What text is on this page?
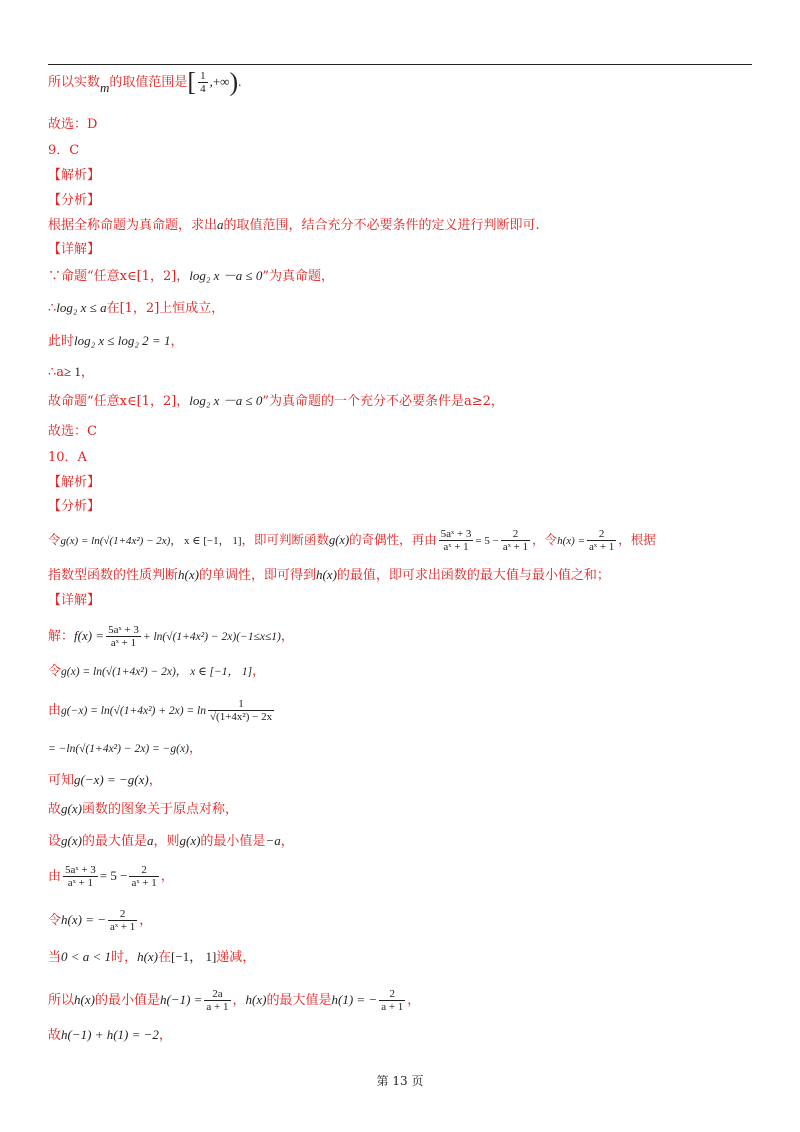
所以实数m的取值范围是[ $\frac{1}{4}$ ,+∞).
故选：D
9．C
【解析】
【分析】
根据全称命题为真命题，求出a的取值范围，结合充分不必要条件的定义进行判断即可.
【详解】
∵命题“任意x∈[1，2]，log₂ x －a ≤ 0”为真命题，
∴log₂ x ≤ a在[1，2]上恒成立，
此时log₂ x ≤ log₂ 2 = 1，
∴a≥ 1，
故命题“任意x∈[1，2]，log₂ x －a ≤ 0”为真命题的一个充分不必要条件是a≥2，
故选：C
10．A
【解析】
【分析】
令g(x) = ln(√(1+4x²) − 2x)， x ∈ [−1， 1]，即可判断函数g(x)的奇偶性，再由 $\frac{\text{5aˣ + 3}}{\text{aˣ + 1}} = 5 - \frac{2}{\text{aˣ + 1}}$ ，令$h(x) = \frac{2}{\text{aˣ + 1}}$ ，根据
指数型函数的性质判断h(x)的单调性，即可得到h(x)的最值，即可求出函数的最大值与最小值之和；
【详解】
解：$f(x) = \frac{\text{5aˣ + 3}}{\text{aˣ + 1}} + \ln(√(1+4x^2) - 2x)(-1\le x\le 1)$，
令g(x) = ln(√(1+4x²) − 2x)， x ∈ [−1， 1]，
由$g(-x) = \ln(√(1+4x^2) + 2x) = \ln \frac{1}{\text{√(1+4x²) − 2x}}$
= −ln(√(1+4x²) − 2x) = −g(x)，
可知g(−x) = −g(x)，
故g(x)函数的图象关于原点对称，
设g(x)的最大值是a，则g(x)的最小值是−a，
由 $\frac{\text{5aˣ + 3}}{\text{aˣ + 1}} = 5 - \frac{2}{\text{aˣ + 1}}$ ，
令h(x) = − $\frac{2}{\text{aˣ + 1}}$ ，
当0 < a < 1时，h(x)在[−1， 1]递减，
所以h(x)的最小值是$h(-1) = \frac{2a}{a + 1}$ ，h(x)的最大值是h(1) = − $\frac{2}{a + 1}$ ，
故h(−1) + h(1) = −2，
第 13 页
